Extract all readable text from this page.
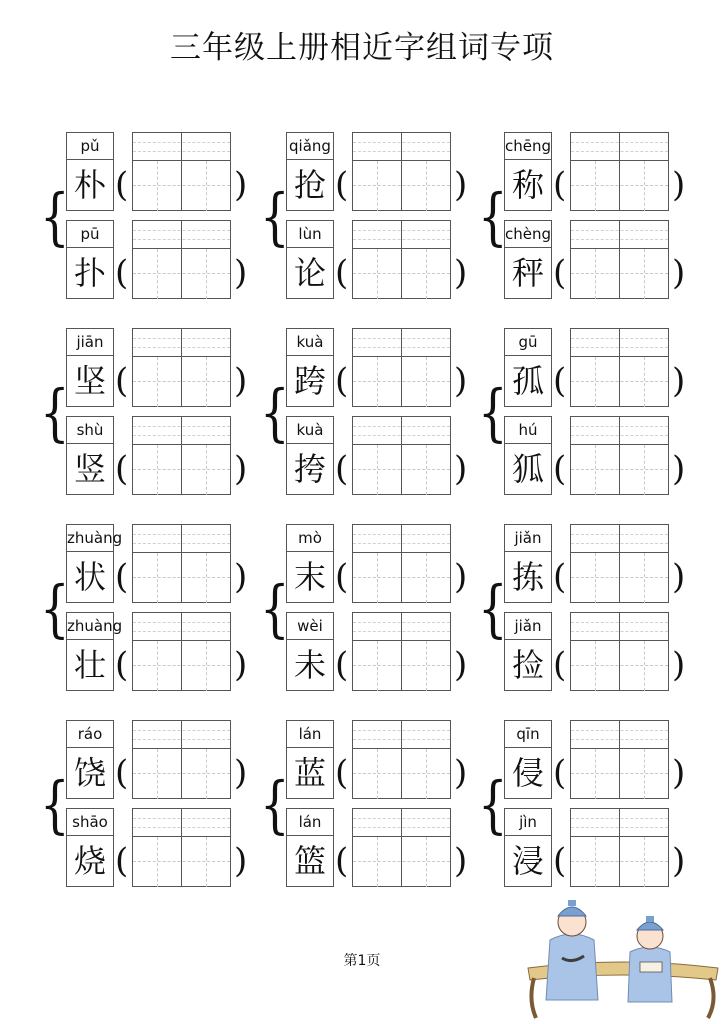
三年级上册相近字组词专项
{
pǔ
朴 (	)
pū
扑 (	)
{
qiǎng
抢 (	)
lùn
论 (	)
{
chēng
称 (	)
chèng
秤 (	)
{
jiān
坚 (	)
shù
竖 (	)
{
kuà
跨 (	)
kuà
挎 (	)
{
gū
孤 (	)
hú
狐 (	)
{
zhuàng
状 (	)
zhuàng
壮 (	)
{
mò
末 (	)
wèi
未 (	)
{
jiǎn
拣 (	)
jiǎn
捡 (	)
{
ráo
饶 (	)
shāo
烧 (	)
{
lán
蓝 (	)
lán
篮 (	)
{
qīn
侵 (	)
jìn
浸 (	)
第1页
